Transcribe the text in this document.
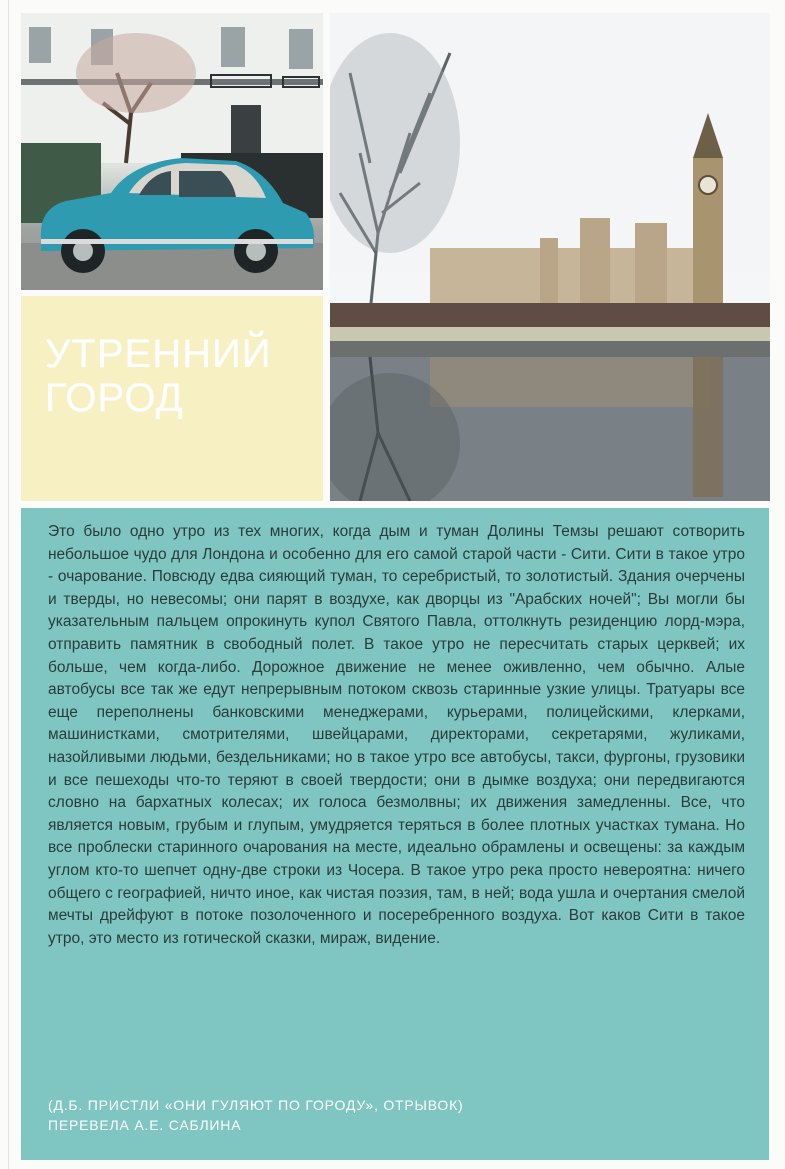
УТРЕННИЙ
ГОРОД

Это было одно утро из тех многих, когда дым и туман Долины Темзы решают сотворить небольшое чудо для Лондона и особенно для его самой старой части - Сити. Сити в такое утро - очарование. Повсюду едва сияющий туман, то серебристый, то золотистый. Здания очерчены и тверды, но невесомы; они парят в воздухе, как дворцы из "Арабских ночей"; Вы могли бы указательным пальцем опрокинуть купол Святого Павла, оттолкнуть резиденцию лорд-мэра, отправить памятник в свободный полет. В такое утро не пересчитать старых церквей; их больше, чем когда-либо. Дорожное движение не менее оживленно, чем обычно. Алые автобусы все так же едут непрерывным потоком сквозь старинные узкие улицы. Тратуары все еще переполнены банковскими менеджерами, курьерами, полицейскими, клерками, машинистками, смотрителями, швейцарами, директорами, секретарями, жуликами, назойливыми людьми, бездельниками; но в такое утро все автобусы, такси, фургоны, грузовики и все пешеходы что-то теряют в своей твердости; они в дымке воздуха; они передвигаются словно на бархатных колесах; их голоса безмолвны; их движения замедленны. Все, что является новым, грубым и глупым, умудряется теряться в более плотных участках тумана. Но все проблески старинного очарования на месте, идеально обрамлены и освещены: за каждым углом кто-то шепчет одну-две строки из Чосера. В такое утро река просто невероятна: ничего общего с географией, ничто иное, как чистая поэзия, там, в ней; вода ушла и очертания смелой мечты дрейфуют в потоке позолоченного и посеребренного воздуха. Вот каков Сити в такое утро, это место из готической сказки, мираж, видение.

(Д.Б. ПРИСТЛИ «ОНИ ГУЛЯЮТ ПО ГОРОДУ», ОТРЫВОК)
ПЕРЕВЕЛА А.Е. САБЛИНА
